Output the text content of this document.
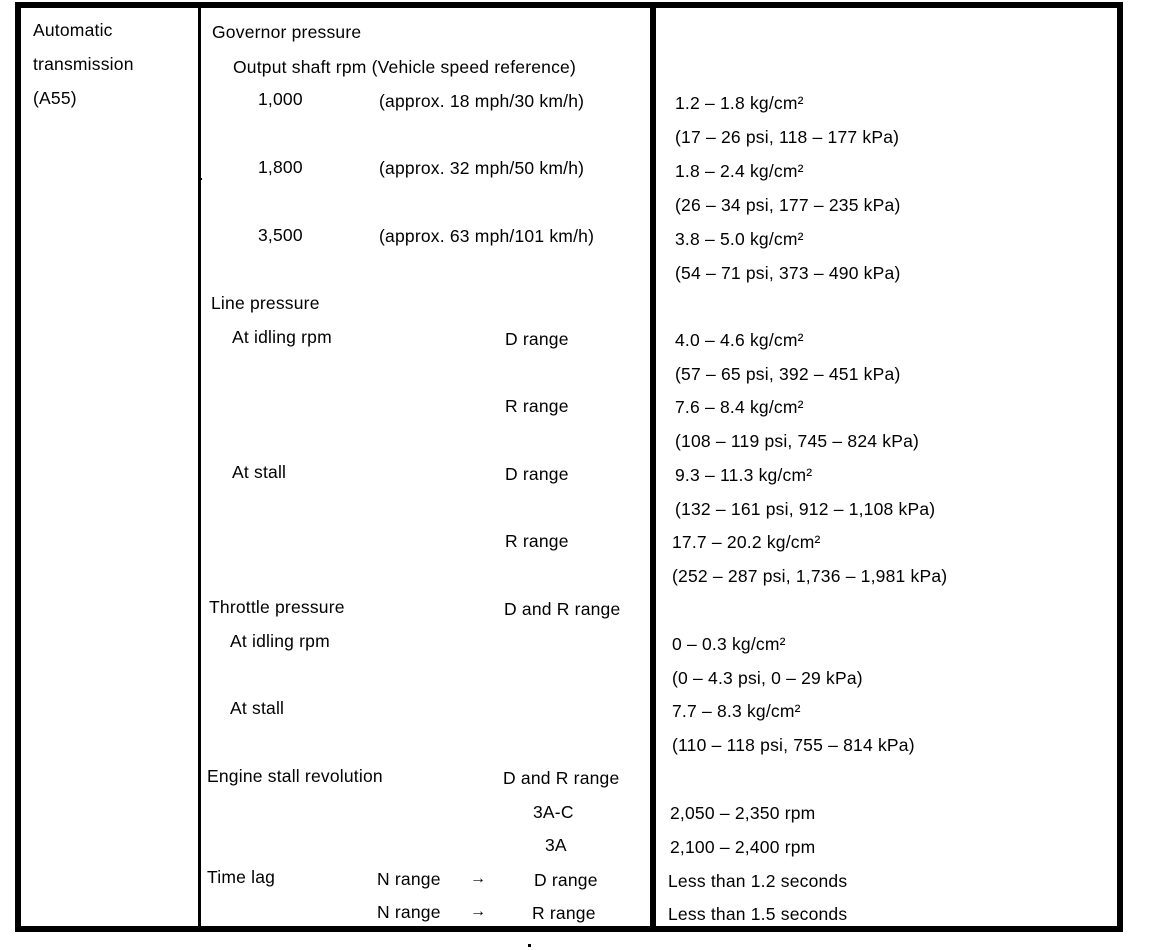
Automatic
transmission
(A55)
Governor pressure
Output shaft rpm (Vehicle speed reference)
1,000	(approx. 18 mph/30 km/h)	1.2 – 1.8 kg/cm²
(17 – 26 psi, 118 – 177 kPa)
1,800	(approx. 32 mph/50 km/h)	1.8 – 2.4 kg/cm²
(26 – 34 psi, 177 – 235 kPa)
3,500	(approx. 63 mph/101 km/h)	3.8 – 5.0 kg/cm²
(54 – 71 psi, 373 – 490 kPa)
Line pressure
At idling rpm	D range	4.0 – 4.6 kg/cm²
(57 – 65 psi, 392 – 451 kPa)
R range	7.6 – 8.4 kg/cm²
(108 – 119 psi, 745 – 824 kPa)
At stall	D range	9.3 – 11.3 kg/cm²
(132 – 161 psi, 912 – 1,108 kPa)
R range	17.7 – 20.2 kg/cm²
(252 – 287 psi, 1,736 – 1,981 kPa)
Throttle pressure	D and R range
At idling rpm	0 – 0.3 kg/cm²
(0 – 4.3 psi, 0 – 29 kPa)
At stall	7.7 – 8.3 kg/cm²
(110 – 118 psi, 755 – 814 kPa)
Engine stall revolution	D and R range
3A-C	2,050 – 2,350 rpm
3A	2,100 – 2,400 rpm
Time lag	N range →	D range	Less than 1.2 seconds
N range →	R range	Less than 1.5 seconds
